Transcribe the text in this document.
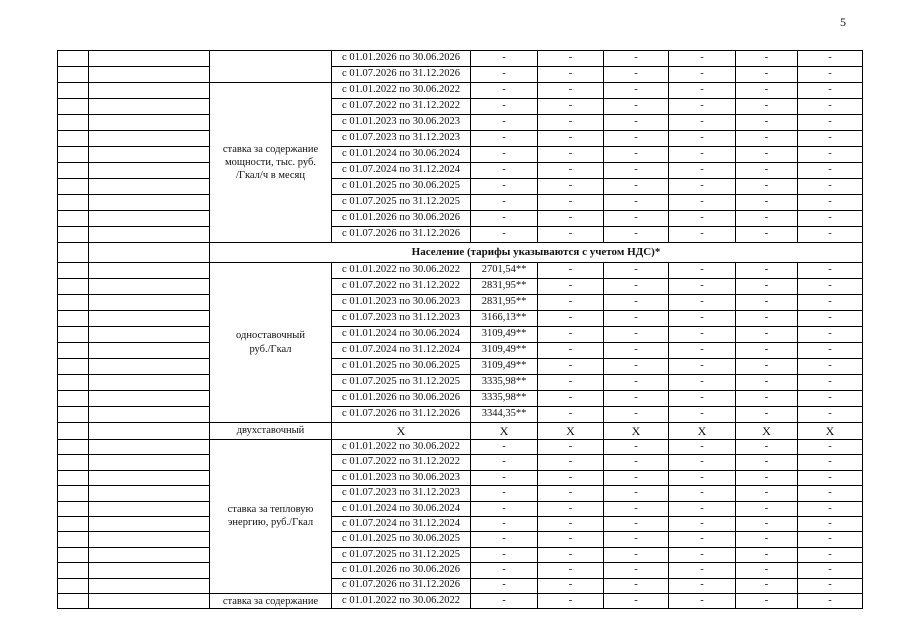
5
			с 01.01.2026 по 30.06.2026	-	-	-	-	-	-
			с 01.07.2026 по 31.12.2026	-	-	-	-	-	-
		ставка за содержание
мощности, тыс. руб.
/Гкал/ч в месяц	с 01.01.2022 по 30.06.2022	-	-	-	-	-	-
			с 01.07.2022 по 31.12.2022	-	-	-	-	-	-
			с 01.01.2023 по 30.06.2023	-	-	-	-	-	-
			с 01.07.2023 по 31.12.2023	-	-	-	-	-	-
			с 01.01.2024 по 30.06.2024	-	-	-	-	-	-
			с 01.07.2024 по 31.12.2024	-	-	-	-	-	-
			с 01.01.2025 по 30.06.2025	-	-	-	-	-	-
			с 01.07.2025 по 31.12.2025	-	-	-	-	-	-
			с 01.01.2026 по 30.06.2026	-	-	-	-	-	-
			с 01.07.2026 по 31.12.2026	-	-	-	-	-	-
		Население (тарифы указываются с учетом НДС)*							
		одноставочный
руб./Гкал	с 01.01.2022 по 30.06.2022	2701,54**	-	-	-	-	-
			с 01.07.2022 по 31.12.2022	2831,95**	-	-	-	-	-
			с 01.01.2023 по 30.06.2023	2831,95**	-	-	-	-	-
			с 01.07.2023 по 31.12.2023	3166,13**	-	-	-	-	-
			с 01.01.2024 по 30.06.2024	3109,49**	-	-	-	-	-
			с 01.07.2024 по 31.12.2024	3109,49**	-	-	-	-	-
			с 01.01.2025 по 30.06.2025	3109,49**	-	-	-	-	-
			с 01.07.2025 по 31.12.2025	3335,98**	-	-	-	-	-
			с 01.01.2026 по 30.06.2026	3335,98**	-	-	-	-	-
			с 01.07.2026 по 31.12.2026	3344,35**	-	-	-	-	-
		двухставочный	X	X	X	X	X	X	X
		ставка за тепловую
энергию, руб./Гкал	с 01.01.2022 по 30.06.2022	-	-	-	-	-	-
			с 01.07.2022 по 31.12.2022	-	-	-	-	-	-
			с 01.01.2023 по 30.06.2023	-	-	-	-	-	-
			с 01.07.2023 по 31.12.2023	-	-	-	-	-	-
			с 01.01.2024 по 30.06.2024	-	-	-	-	-	-
			с 01.07.2024 по 31.12.2024	-	-	-	-	-	-
			с 01.01.2025 по 30.06.2025	-	-	-	-	-	-
			с 01.07.2025 по 31.12.2025	-	-	-	-	-	-
			с 01.01.2026 по 30.06.2026	-	-	-	-	-	-
			с 01.07.2026 по 31.12.2026	-	-	-	-	-	-
		ставка за содержание	с 01.01.2022 по 30.06.2022	-	-	-	-	-	-
